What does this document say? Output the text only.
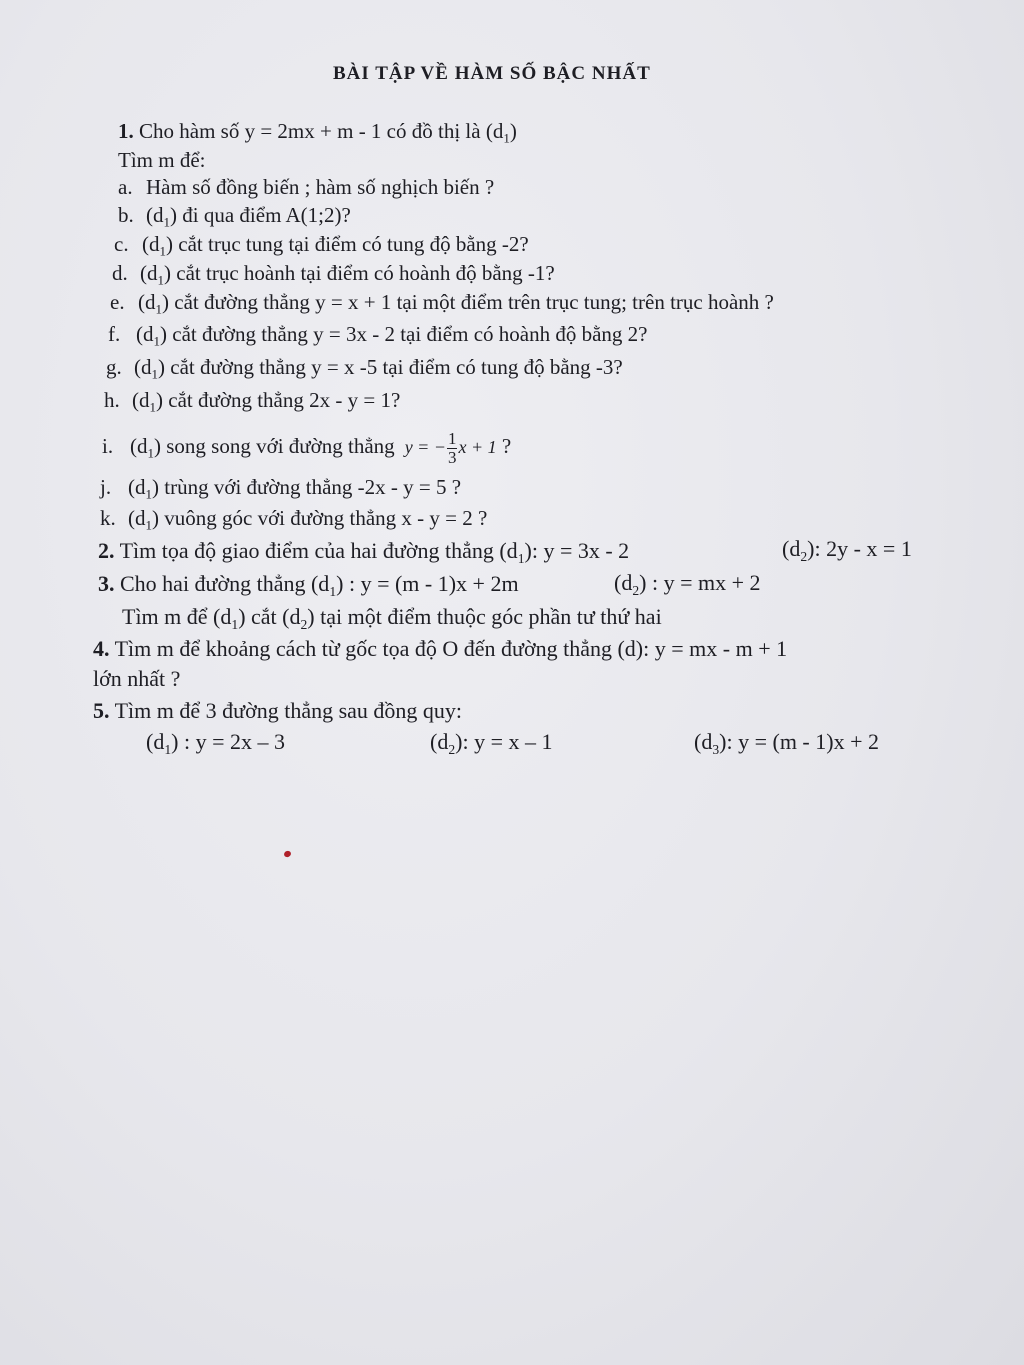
BÀI TẬP VỀ HÀM SỐ BẬC NHẤT
1. Cho hàm số y = 2mx + m - 1 có đồ thị là $(d_1)$
Tìm m để:
a. Hàm số đồng biến ; hàm số nghịch biến ?
b. $(d_1)$ đi qua điểm A(1;2)?
c. $(d_1)$ cắt trục tung tại điểm có tung độ bằng -2?
d. $(d_1)$ cắt trục hoành tại điểm có hoành độ bằng -1?
e. $(d_1)$ cắt đường thẳng y = x + 1 tại một điểm trên trục tung; trên trục hoành ?
f. $(d_1)$ cắt đường thẳng y = 3x - 2 tại điểm có hoành độ bằng 2?
g. $(d_1)$ cắt đường thẳng y = x -5 tại điểm có tung độ bằng -3?
h. $(d_1)$ cắt đường thẳng 2x - y = 1?
i. $(d_1)$ song song với đường thẳng y = − $\frac{1}{3}$ x + 1 ?
j. $(d_1)$ trùng với đường thẳng -2x - y = 5 ?
k. $(d_1)$ vuông góc với đường thẳng x - y = 2 ?
2. Tìm tọa độ giao điểm của hai đường thẳng $(d_1)$: y = 3x - 2	$(d_2)$: 2y - x = 1
3. Cho hai đường thẳng $(d_1)$ : y = (m - 1)x + 2m	$(d_2)$ : y = mx + 2
Tìm m để $(d_1)$ cắt $(d_2)$ tại một điểm thuộc góc phần tư thứ hai
4. Tìm m để khoảng cách từ gốc tọa độ O đến đường thẳng (d): y = mx - m + 1
lớn nhất ?
5. Tìm m để 3 đường thẳng sau đồng quy:
$(d_1)$ : y = 2x – 3	$(d_2)$: y = x – 1	$(d_3)$: y = (m - 1)x + 2
